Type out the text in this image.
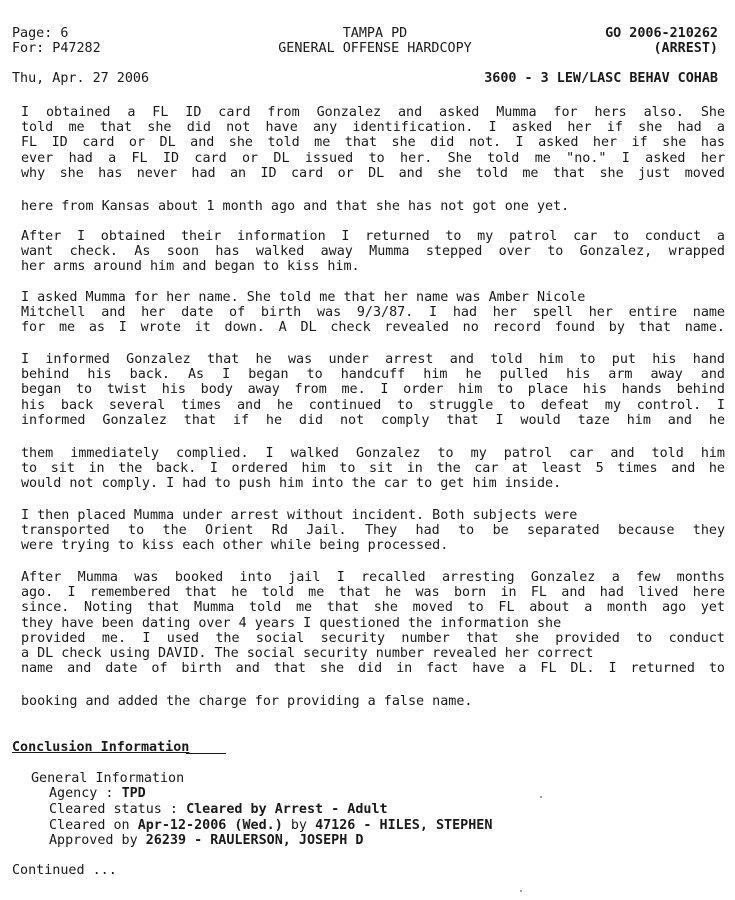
Page: 6
For: P47282
TAMPA PD
GENERAL OFFENSE HARDCOPY
GO 2006-210262
(ARREST)
Thu, Apr. 27 2006	3600 - 3 LEW/LASC BEHAV COHAB
I obtained a FL ID card from Gonzalez and asked Mumma for hers also. She
told me that she did not have any identification. I asked her if she had a
FL ID card or DL and she told me that she did not. I asked her if she has
ever had a FL ID card or DL issued to her. She told me "no." I asked her
why she has never had an ID card or DL and she told me that she just moved
here from Kansas about 1 month ago and that she has not got one yet.
After I obtained their information I returned to my patrol car to conduct a
want check. As soon has walked away Mumma stepped over to Gonzalez, wrapped
her arms around him and began to kiss him.
I asked Mumma for her name. She told me that her name was Amber Nicole
Mitchell and her date of birth was 9/3/87. I had her spell her entire name
for me as I wrote it down. A DL check revealed no record found by that name.
I informed Gonzalez that he was under arrest and told him to put his hand
behind his back. As I began to handcuff him he pulled his arm away and
began to twist his body away from me. I order him to place his hands behind
his back several times and he continued to struggle to defeat my control. I
informed Gonzalez that if he did not comply that I would taze him and he
them immediately complied. I walked Gonzalez to my patrol car and told him
to sit in the back. I ordered him to sit in the car at least 5 times and he
would not comply. I had to push him into the car to get him inside.
I then placed Mumma under arrest without incident. Both subjects were
transported to the Orient Rd Jail. They had to be separated because they
were trying to kiss each other while being processed.
After Mumma was booked into jail I recalled arresting Gonzalez a few months
ago. I remembered that he told me that he was born in FL and had lived here
since. Noting that Mumma told me that she moved to FL about a month ago yet
they have been dating over 4 years I questioned the information she
provided me. I used the social security number that she provided to conduct
a DL check using DAVID. The social security number revealed her correct
name and date of birth and that she did in fact have a FL DL. I returned to
booking and added the charge for providing a false name.
Conclusion Information
General Information
Agency : TPD
Cleared status : Cleared by Arrest - Adult
Cleared on Apr-12-2006 (Wed.) by 47126 - HILES, STEPHEN
Approved by 26239 - RAULERSON, JOSEPH D
Continued ...
